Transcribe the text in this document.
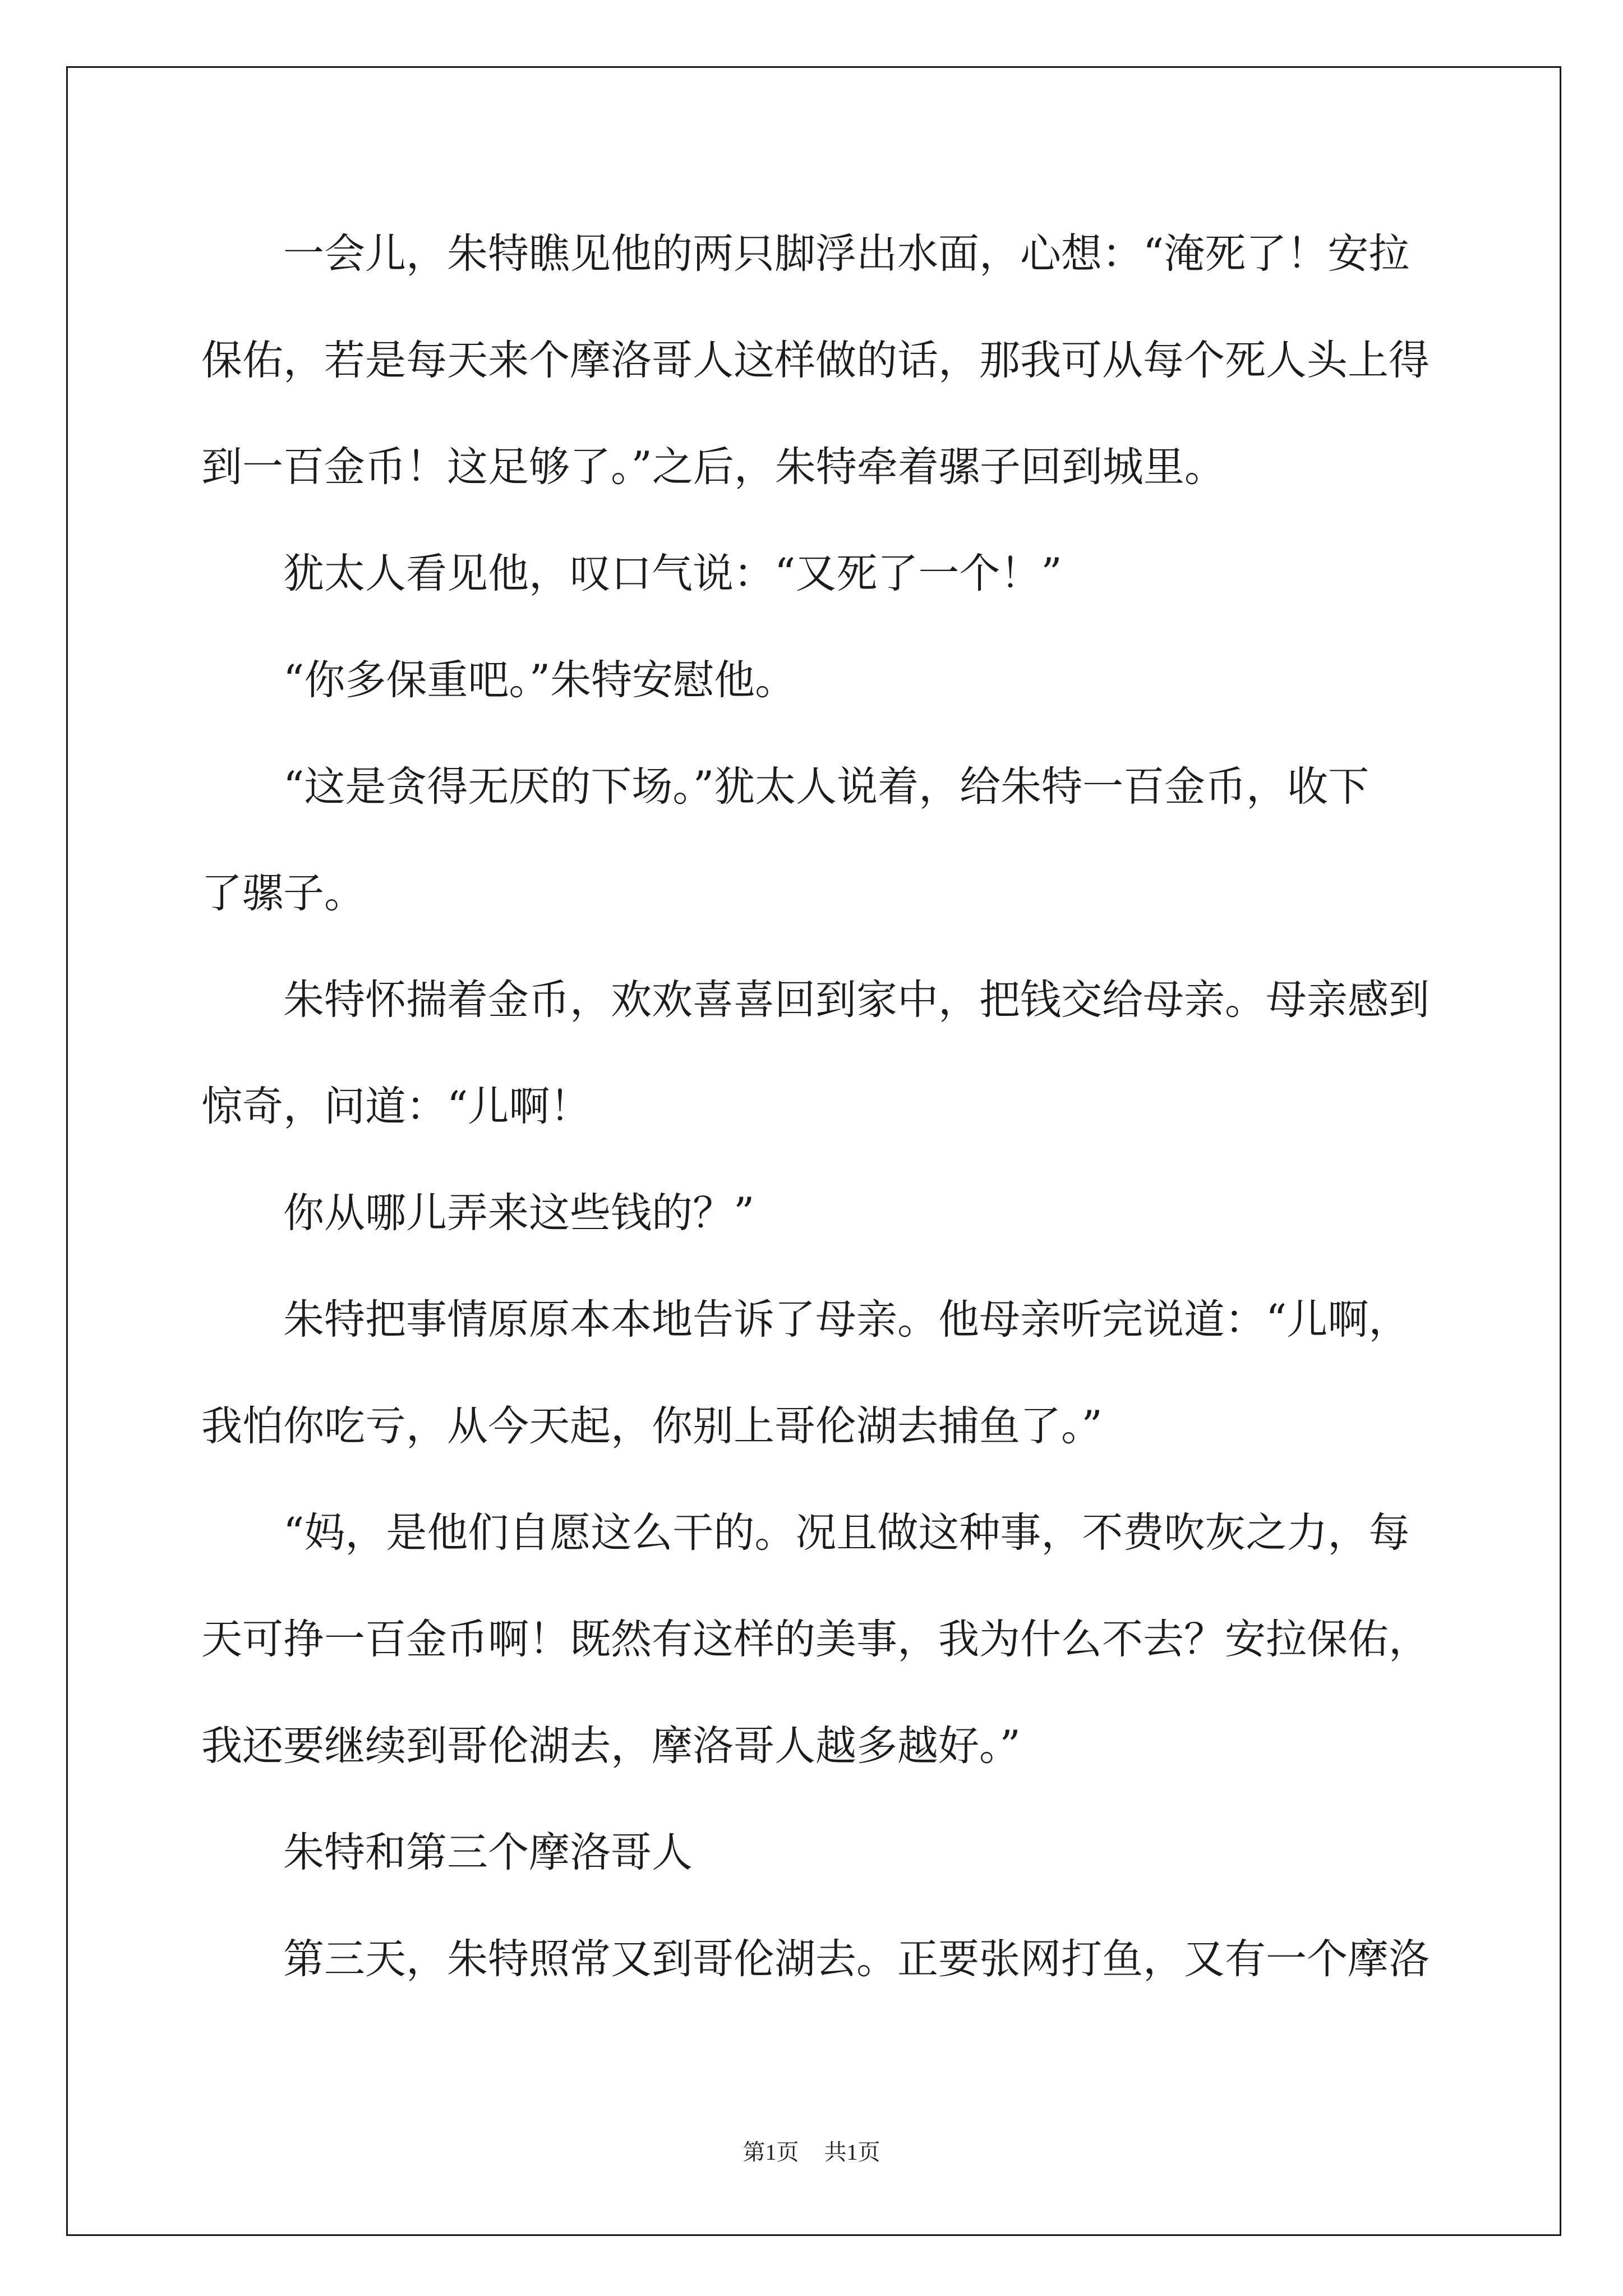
一会儿，朱特瞧见他的两只脚浮出水面，心想：“淹死了！安拉
保佑，若是每天来个摩洛哥人这样做的话，那我可从每个死人头上得
到一百金币！这足够了。”之后，朱特牵着骡子回到城里。
犹太人看见他，叹口气说：“又死了一个！”
“你多保重吧。”朱特安慰他。
“这是贪得无厌的下场。”犹太人说着，给朱特一百金币，收下
了骡子。
朱特怀揣着金币，欢欢喜喜回到家中，把钱交给母亲。母亲感到
惊奇，问道：“儿啊！
你从哪儿弄来这些钱的？”
朱特把事情原原本本地告诉了母亲。他母亲听完说道：“儿啊，
我怕你吃亏，从今天起，你别上哥伦湖去捕鱼了。”
“妈，是他们自愿这么干的。况且做这种事，不费吹灰之力，每
天可挣一百金币啊！既然有这样的美事，我为什么不去？安拉保佑，
我还要继续到哥伦湖去，摩洛哥人越多越好。”
朱特和第三个摩洛哥人
第三天，朱特照常又到哥伦湖去。正要张网打鱼，又有一个摩洛
第1页 共1页
